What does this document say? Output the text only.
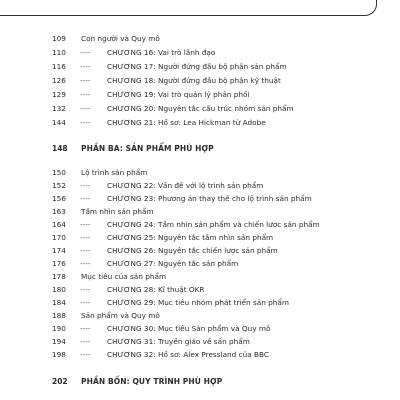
109	Con người và Quy mô
110	---- CHƯƠNG 16: Vai trò lãnh đạo
116	---- CHƯƠNG 17: Người đứng đầu bộ phận sản phẩm
126	---- CHƯƠNG 18: Người đứng đầu bộ phận kỹ thuật
129	---- CHƯƠNG 19: Vai trò quản lý phân phối
132	---- CHƯƠNG 20: Nguyên tắc cấu trúc nhóm sản phẩm
144	---- CHƯƠNG 21: Hồ sơ: Lea Hickman từ Adobe
148	PHẦN BA: SẢN PHẨM PHÙ HỢP
150	Lộ trình sản phẩm
152	---- CHƯƠNG 22: Vấn đề với lộ trình sản phẩm
156	---- CHƯƠNG 23: Phương án thay thế cho lộ trình sản phẩm
163	Tầm nhìn sản phẩm
164	---- CHƯƠNG 24: Tầm nhìn sản phẩm và chiến lược sản phẩm
170	---- CHƯƠNG 25: Nguyên tắc tầm nhìn sản phẩm
174	---- CHƯƠNG 26: Nguyên tắc chiến lược sản phẩm
176	---- CHƯƠNG 27: Nguyên tắc sản phẩm
178	Mục tiêu của sản phẩm
180	---- CHƯƠNG 28: Kĩ thuật OKR
184	---- CHƯƠNG 29: Mục tiêu nhóm phát triển sản phẩm
188	Sản phẩm và Quy mô
190	---- CHƯƠNG 30: Mục tiêu Sản phẩm và Quy mô
194	---- CHƯƠNG 31: Truyền giáo về sản phẩm
198	---- CHƯƠNG 32: Hồ sơ: Alex Pressland của BBC
202	PHẦN BỐN: QUY TRÌNH PHÙ HỢP
